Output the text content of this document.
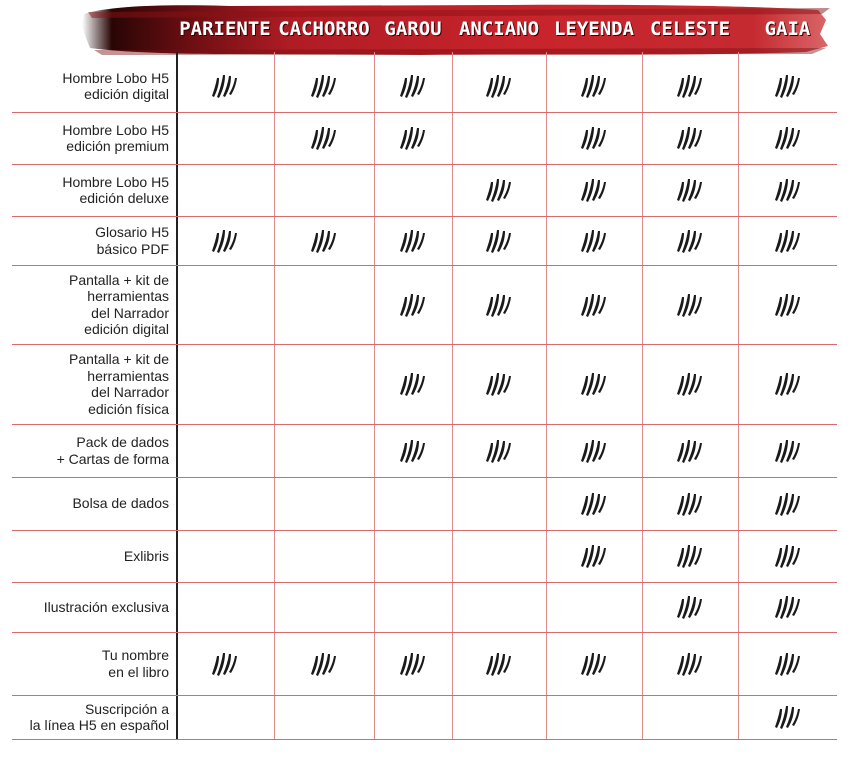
PARIENTE CACHORRO GAROU ANCIANO LEYENDA CELESTE	GAIA
Hombre Lobo H5
edición digital
Hombre Lobo H5
edición premium
Hombre Lobo H5
edición deluxe
Glosario H5
básico PDF
Pantalla + kit de
herramientas
del Narrador
edición digital
Pantalla + kit de
herramientas
del Narrador
edición física
Pack de dados
+ Cartas de forma
Bolsa de dados
Exlibris
Ilustración exclusiva
Tu nombre
en el libro
Suscripción a
la línea H5 en español
